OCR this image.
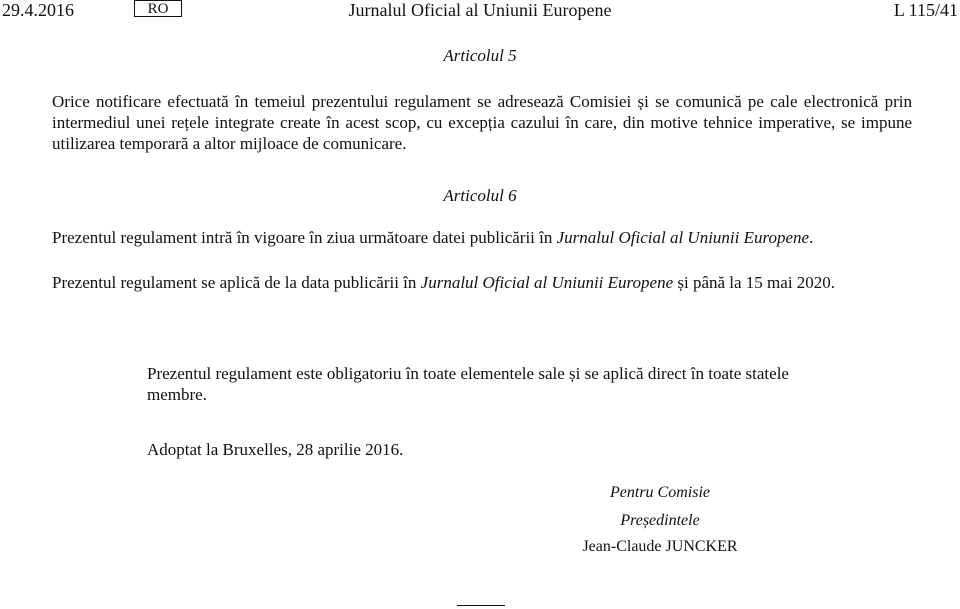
29.4.2016	RO	Jurnalul Oficial al Uniunii Europene	L 115/41
Articolul 5
Orice notificare efectuată în temeiul prezentului regulament se adresează Comisiei și se comunică pe cale electronică prin intermediul unei rețele integrate create în acest scop, cu excepția cazului în care, din motive tehnice imperative, se impune utilizarea temporară a altor mijloace de comunicare.
Articolul 6
Prezentul regulament intră în vigoare în ziua următoare datei publicării în Jurnalul Oficial al Uniunii Europene.
Prezentul regulament se aplică de la data publicării în Jurnalul Oficial al Uniunii Europene și până la 15 mai 2020.
Prezentul regulament este obligatoriu în toate elementele sale și se aplică direct în toate statele membre.
Adoptat la Bruxelles, 28 aprilie 2016.
Pentru Comisie
Președintele
Jean-Claude JUNCKER
